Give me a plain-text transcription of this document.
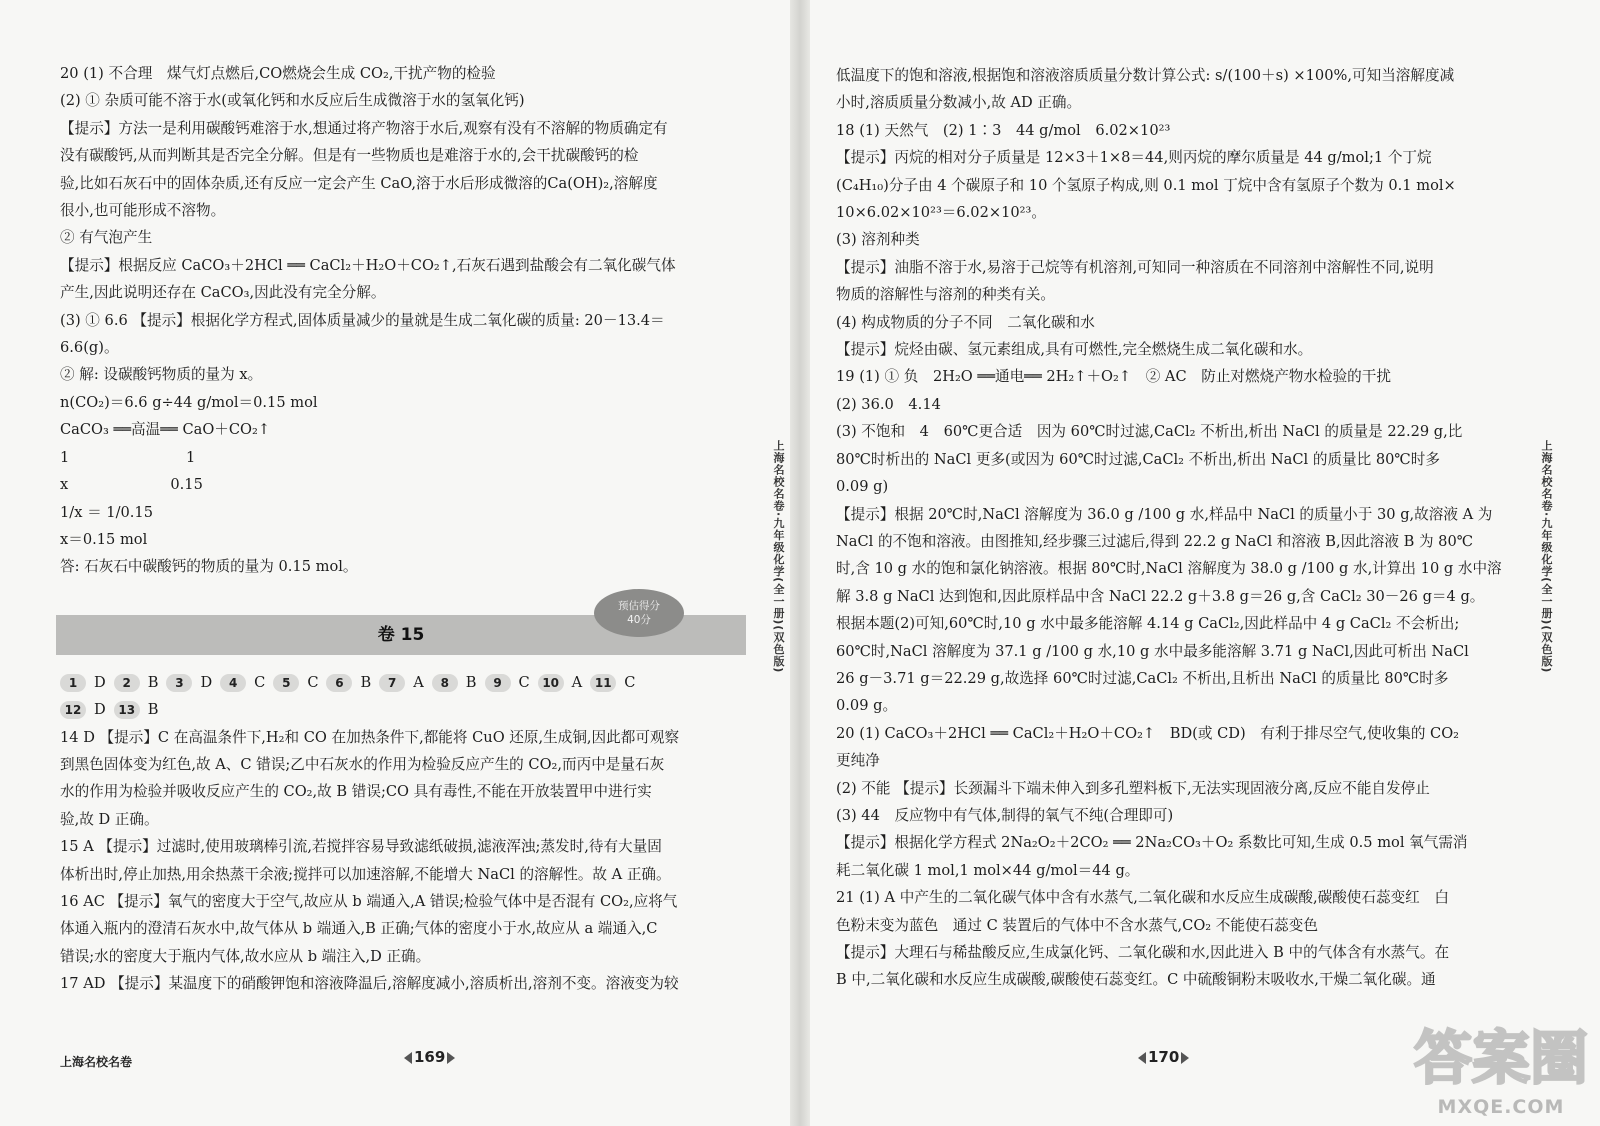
20 (1) 不合理　煤气灯点燃后,CO燃烧会生成 CO₂,干扰产物的检验
(2) ① 杂质可能不溶于水(或氧化钙和水反应后生成微溶于水的氢氧化钙)
【提示】方法一是利用碳酸钙难溶于水,想通过将产物溶于水后,观察有没有不溶解的物质确定有
没有碳酸钙,从而判断其是否完全分解。但是有一些物质也是难溶于水的,会干扰碳酸钙的检
验,比如石灰石中的固体杂质,还有反应一定会产生 CaO,溶于水后形成微溶的Ca(OH)₂,溶解度
很小,也可能形成不溶物。
② 有气泡产生
【提示】根据反应 CaCO₃＋2HCl ══ CaCl₂＋H₂O＋CO₂↑,石灰石遇到盐酸会有二氧化碳气体
产生,因此说明还存在 CaCO₃,因此没有完全分解。
(3) ① 6.6 【提示】根据化学方程式,固体质量减少的量就是生成二氧化碳的质量: 20－13.4＝
6.6(g)。
② 解: 设碳酸钙物质的量为 x。
n(CO₂)＝6.6 g÷44 g/mol＝0.15 mol
CaCO₃ ══高温══ CaO＋CO₂↑
1　　　　　　　　1
x　　　　　　　0.15
1/x ＝ 1/0.15
x＝0.15 mol
答: 石灰石中碳酸钙的物质的量为 0.15 mol。
卷 15
预估得分
40分
1 D 2 B 3 D 4 C 5 C 6 B 7 A 8 B 9 C 10 A 11 C
12 D 13 B
14 D 【提示】C 在高温条件下,H₂和 CO 在加热条件下,都能将 CuO 还原,生成铜,因此都可观察
到黑色固体变为红色,故 A、C 错误;乙中石灰水的作用为检验反应产生的 CO₂,而丙中是量石灰
水的作用为检验并吸收反应产生的 CO₂,故 B 错误;CO 具有毒性,不能在开放装置甲中进行实
验,故 D 正确。
15 A 【提示】过滤时,使用玻璃棒引流,若搅拌容易导致滤纸破损,滤液浑浊;蒸发时,待有大量固
体析出时,停止加热,用余热蒸干余液;搅拌可以加速溶解,不能增大 NaCl 的溶解性。故 A 正确。
16 AC 【提示】氧气的密度大于空气,故应从 b 端通入,A 错误;检验气体中是否混有 CO₂,应将气
体通入瓶内的澄清石灰水中,故气体从 b 端通入,B 正确;气体的密度小于水,故应从 a 端通入,C
错误;水的密度大于瓶内气体,故水应从 b 端注入,D 正确。
17 AD 【提示】某温度下的硝酸钾饱和溶液降温后,溶解度减小,溶质析出,溶剂不变。溶液变为较
上海名校名卷·九年级化学(全一册)(双色版)
上海名校名卷	169
低温度下的饱和溶液,根据饱和溶液溶质质量分数计算公式: s/(100＋s) ×100%,可知当溶解度减
小时,溶质质量分数减小,故 AD 正确。
18 (1) 天然气　(2) 1∶3　44 g/mol　6.02×10²³
【提示】丙烷的相对分子质量是 12×3＋1×8＝44,则丙烷的摩尔质量是 44 g/mol;1 个丁烷
(C₄H₁₀)分子由 4 个碳原子和 10 个氢原子构成,则 0.1 mol 丁烷中含有氢原子个数为 0.1 mol×
10×6.02×10²³＝6.02×10²³。
(3) 溶剂种类
【提示】油脂不溶于水,易溶于己烷等有机溶剂,可知同一种溶质在不同溶剂中溶解性不同,说明
物质的溶解性与溶剂的种类有关。
(4) 构成物质的分子不同　二氧化碳和水
【提示】烷烃由碳、氢元素组成,具有可燃性,完全燃烧生成二氧化碳和水。
19 (1) ① 负　2H₂O ══通电══ 2H₂↑＋O₂↑　② AC　防止对燃烧产物水检验的干扰
(2) 36.0　4.14
(3) 不饱和　4　60℃更合适　因为 60℃时过滤,CaCl₂ 不析出,析出 NaCl 的质量是 22.29 g,比
80℃时析出的 NaCl 更多(或因为 60℃时过滤,CaCl₂ 不析出,析出 NaCl 的质量比 80℃时多
0.09 g)
【提示】根据 20℃时,NaCl 溶解度为 36.0 g /100 g 水,样品中 NaCl 的质量小于 30 g,故溶液 A 为
NaCl 的不饱和溶液。由图推知,经步骤三过滤后,得到 22.2 g NaCl 和溶液 B,因此溶液 B 为 80℃
时,含 10 g 水的饱和氯化钠溶液。根据 80℃时,NaCl 溶解度为 38.0 g /100 g 水,计算出 10 g 水中溶
解 3.8 g NaCl 达到饱和,因此原样品中含 NaCl 22.2 g＋3.8 g＝26 g,含 CaCl₂ 30－26 g＝4 g。
根据本题(2)可知,60℃时,10 g 水中最多能溶解 4.14 g CaCl₂,因此样品中 4 g CaCl₂ 不会析出;
60℃时,NaCl 溶解度为 37.1 g /100 g 水,10 g 水中最多能溶解 3.71 g NaCl,因此可析出 NaCl
26 g－3.71 g＝22.29 g,故选择 60℃时过滤,CaCl₂ 不析出,且析出 NaCl 的质量比 80℃时多
0.09 g。
20 (1) CaCO₃＋2HCl ══ CaCl₂＋H₂O＋CO₂↑　BD(或 CD)　有利于排尽空气,使收集的 CO₂
更纯净
(2) 不能 【提示】长颈漏斗下端未伸入到多孔塑料板下,无法实现固液分离,反应不能自发停止
(3) 44　反应物中有气体,制得的氧气不纯(合理即可)
【提示】根据化学方程式 2Na₂O₂＋2CO₂ ══ 2Na₂CO₃＋O₂ 系数比可知,生成 0.5 mol 氧气需消
耗二氧化碳 1 mol,1 mol×44 g/mol＝44 g。
21 (1) A 中产生的二氧化碳气体中含有水蒸气,二氧化碳和水反应生成碳酸,碳酸使石蕊变红　白
色粉末变为蓝色　通过 C 装置后的气体中不含水蒸气,CO₂ 不能使石蕊变色
【提示】大理石与稀盐酸反应,生成氯化钙、二氧化碳和水,因此进入 B 中的气体含有水蒸气。在
B 中,二氧化碳和水反应生成碳酸,碳酸使石蕊变红。C 中硫酸铜粉末吸收水,干燥二氧化碳。通
上海名校名卷·九年级化学(全一册)(双色版)
170	答案圈
MXQE.COM
